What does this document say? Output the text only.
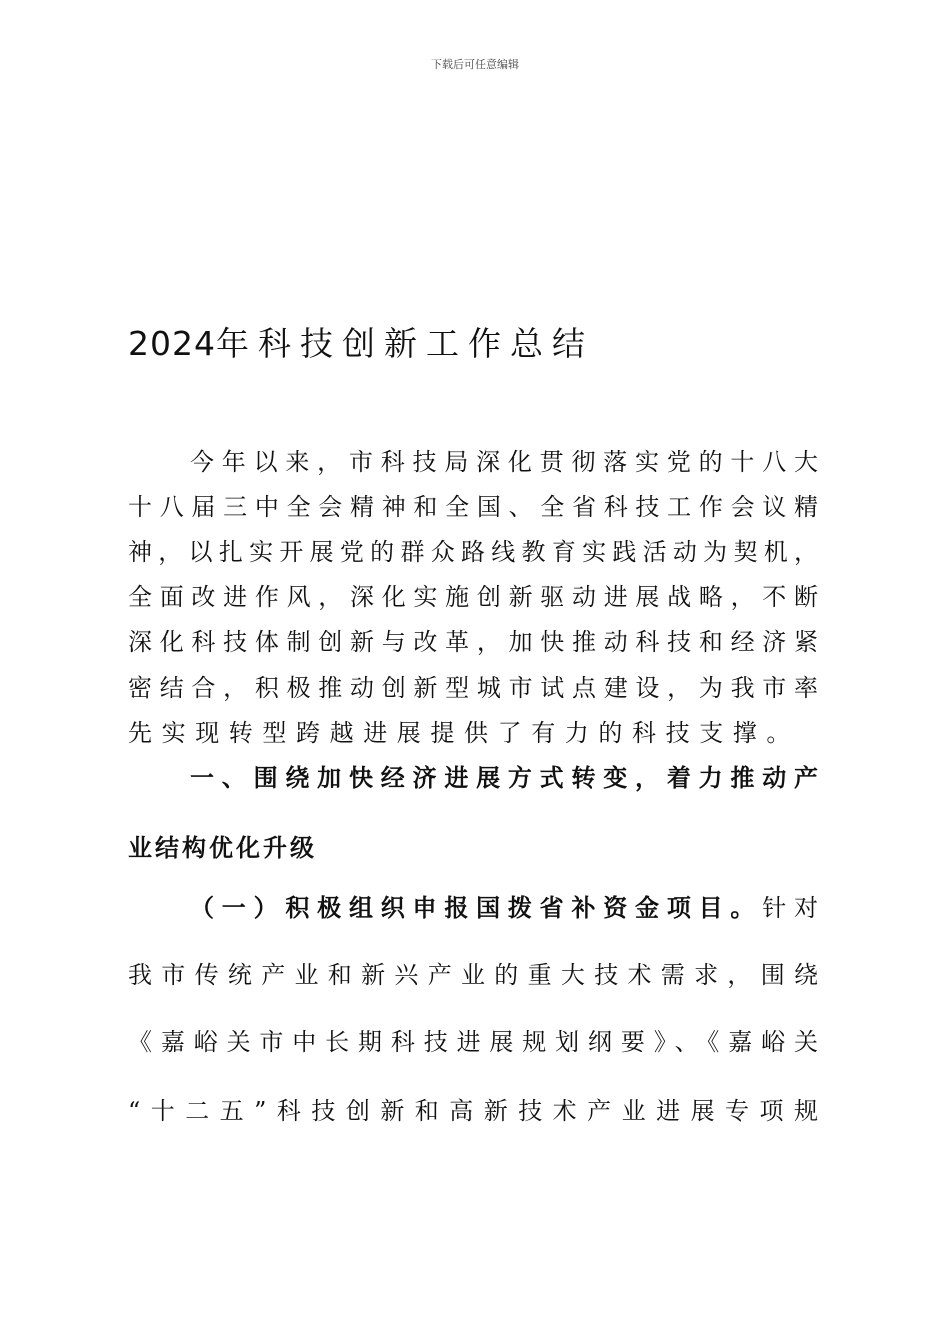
下载后可任意编辑
2024年科技创新工作总结
今年以来，市科技局深化贯彻落实党的十八大
十八届三中全会精神和全国、全省科技工作会议精
神，以扎实开展党的群众路线教育实践活动为契机，
全面改进作风，深化实施创新驱动进展战略，不断
深化科技体制创新与改革，加快推动科技和经济紧
密结合，积极推动创新型城市试点建设，为我市率
先实现转型跨越进展提供了有力的科技支撑。
一、围绕加快经济进展方式转变，着力推动产
业结构优化升级
（一）积极组织申报国拨省补资金项目。针对
我市传统产业和新兴产业的重大技术需求，围绕
《嘉峪关市中长期科技进展规划纲要》、《嘉峪关
“十二五”科技创新和高新技术产业进展专项规
